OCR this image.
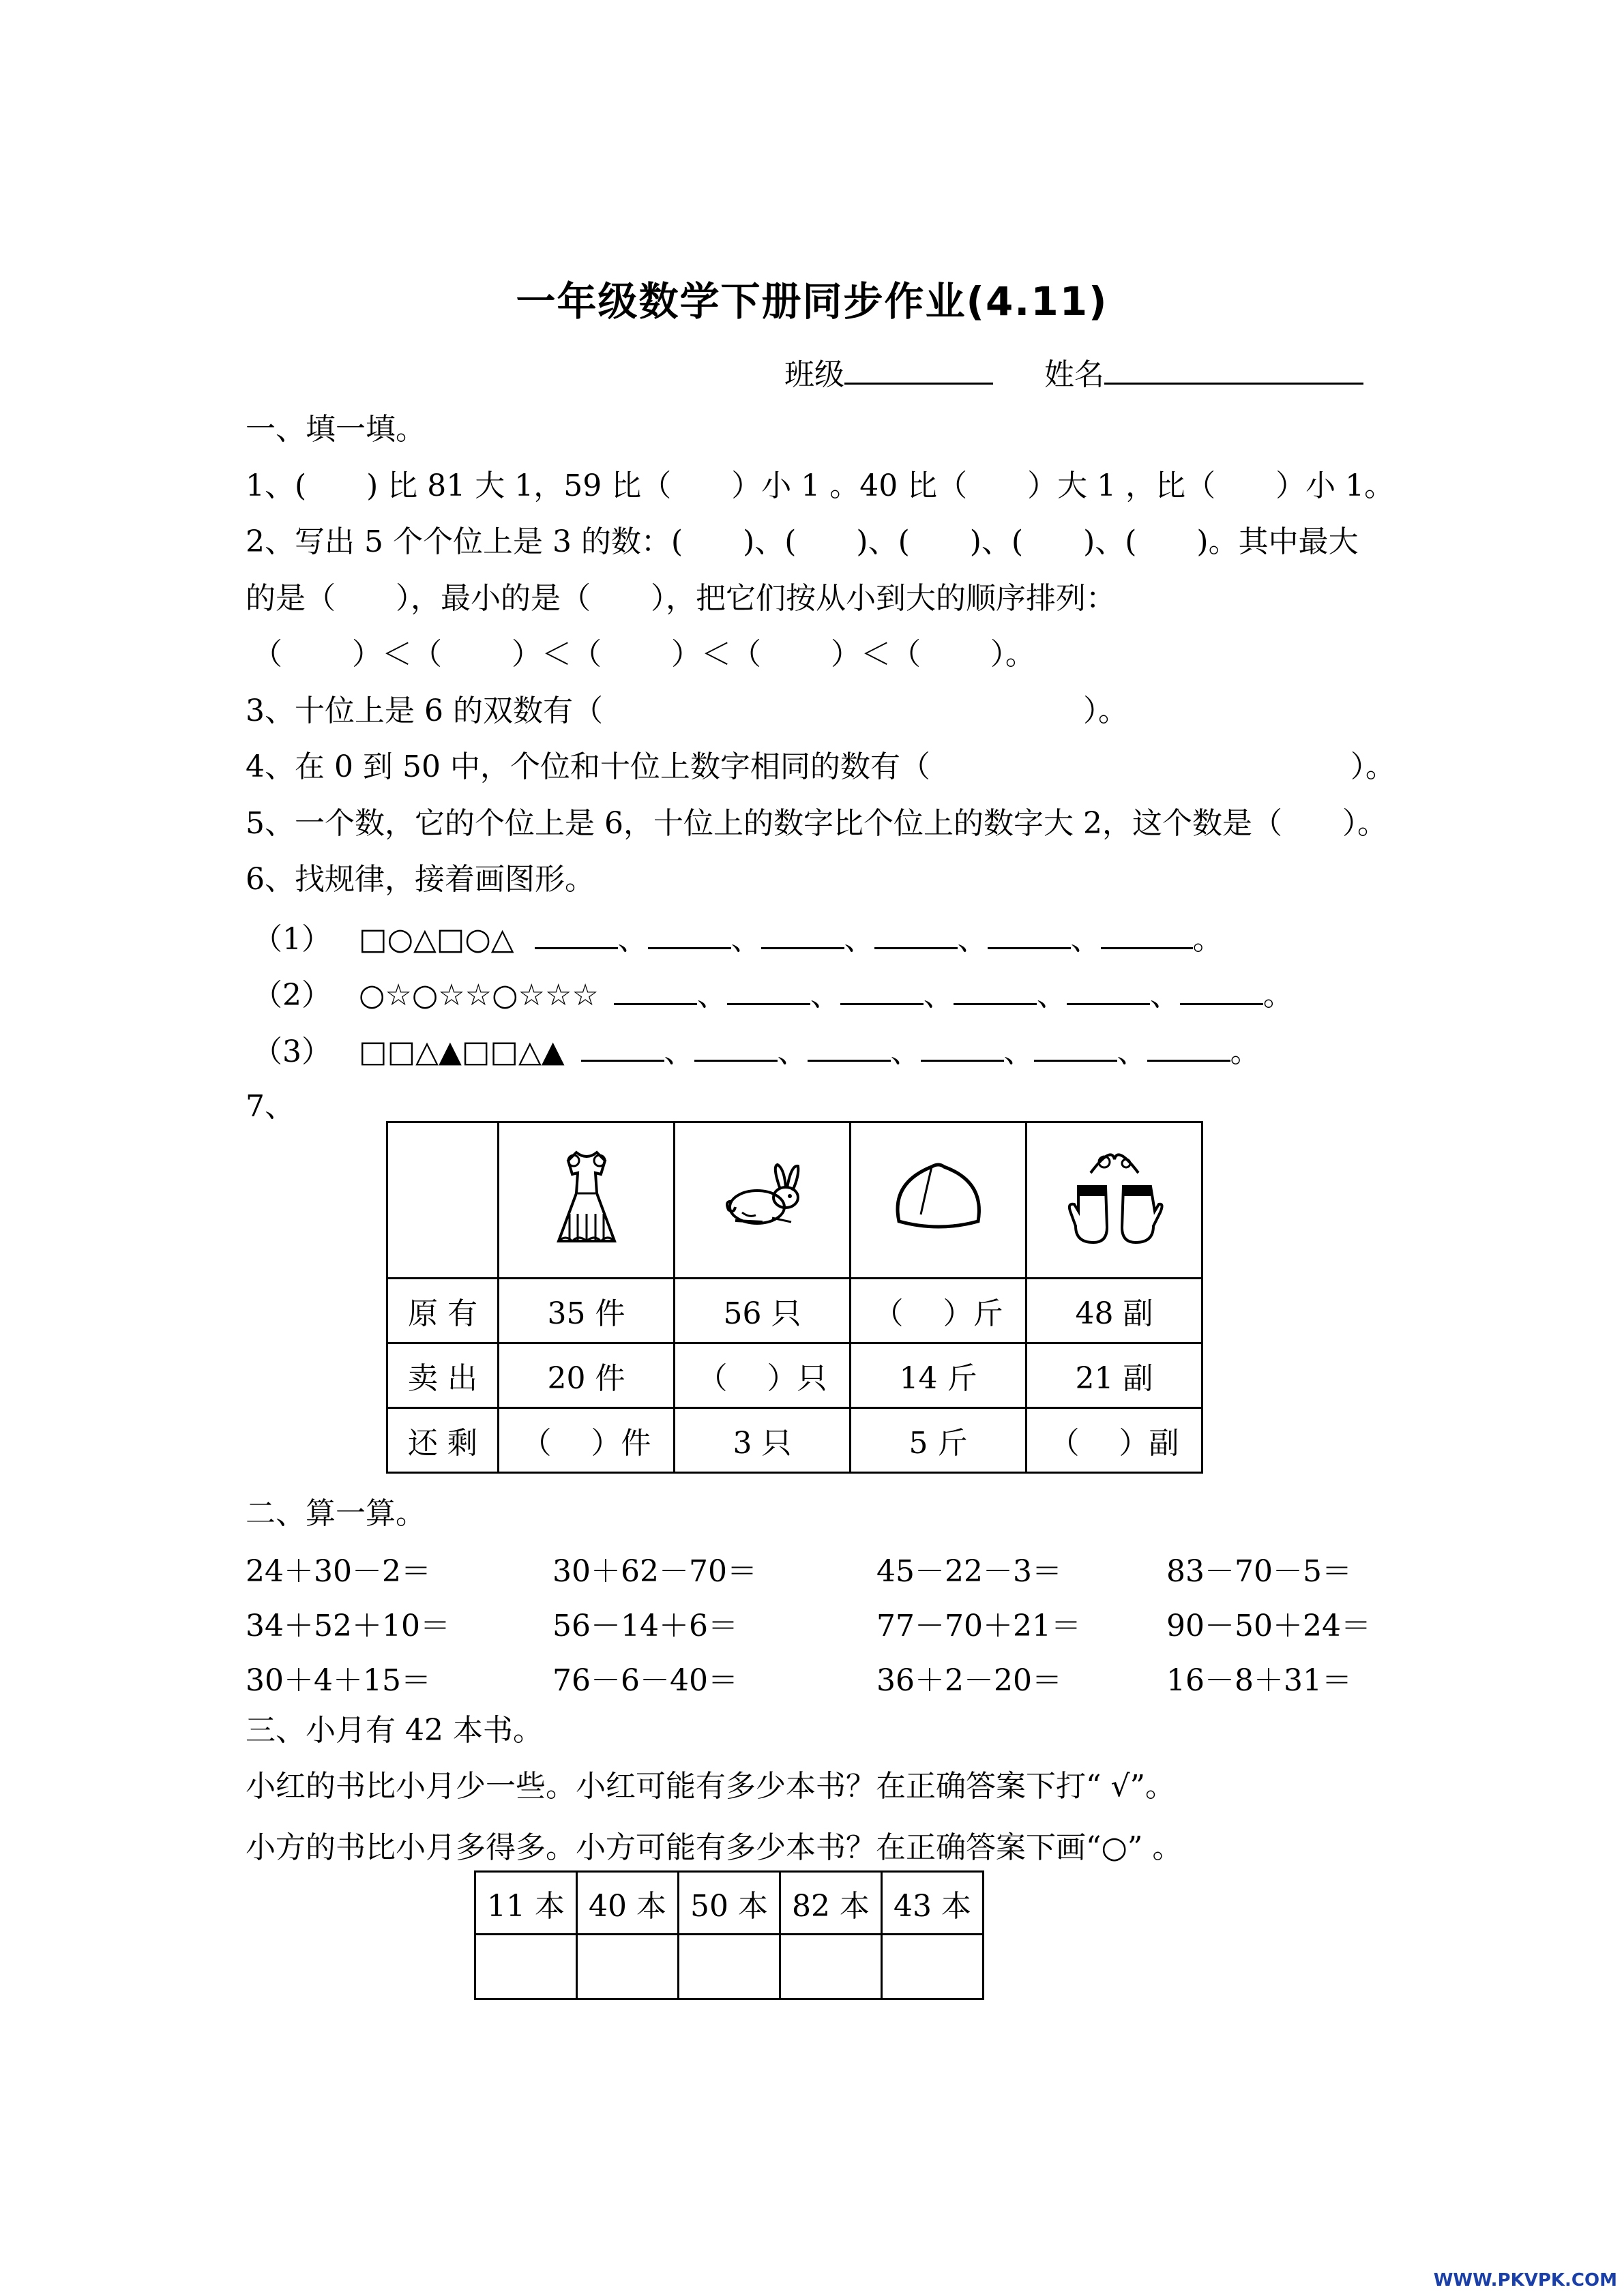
一年级数学下册同步作业(4.11)
班级	姓名
一、填一填。
1、(　　) 比 81 大 1，59 比（　　）小 1 。40 比（　　）大 1 ，比（　　）小 1。
2、写出 5 个个位上是 3 的数：(　　)、(　　)、(　　)、(　　)、(　　)。其中最大
的是（　　），最小的是（　　），把它们按从小到大的顺序排列：
（　　 ）＜（　　 ）＜（　　 ）＜（　　 ）＜（　　 ）。
3、十位上是 6 的双数有（　　　　　　　　　　　　　　　　）。
4、在 0 到 50 中，个位和十位上数字相同的数有（　　　　　　　　　　　　　　）。
5、一个数，它的个位上是 6，十位上的数字比个位上的数字大 2，这个数是（　　）。
6、找规律，接着画图形。
（1） □○△□○△	、	、	、	、	、	。
（2） ○☆○☆☆○☆☆☆	、	、	、	、	、	。
（3） □□△▲□□△▲	、	、	、	、	、	。
7、

原 有	35 件	56 只	（　 ）斤	48 副
卖 出	20 件	（　 ）只	14 斤	21 副
还 剩	（　 ）件	3 只	5 斤	（　 ）副
二、算一算。
24＋30－2＝	30＋62－70＝	45－22－3＝	83－70－5＝
34＋52＋10＝	56－14＋6＝	77－70＋21＝	90－50＋24＝
30＋4＋15＝	76－6－40＝	36＋2－20＝	16－8＋31＝
三、小月有 42 本书。
小红的书比小月少一些。小红可能有多少本书？在正确答案下打“ √”。
小方的书比小月多得多。小方可能有多少本书？在正确答案下画“○” 。
11 本	40 本	50 本	82 本	43 本

WWW.PKVPK.COM
